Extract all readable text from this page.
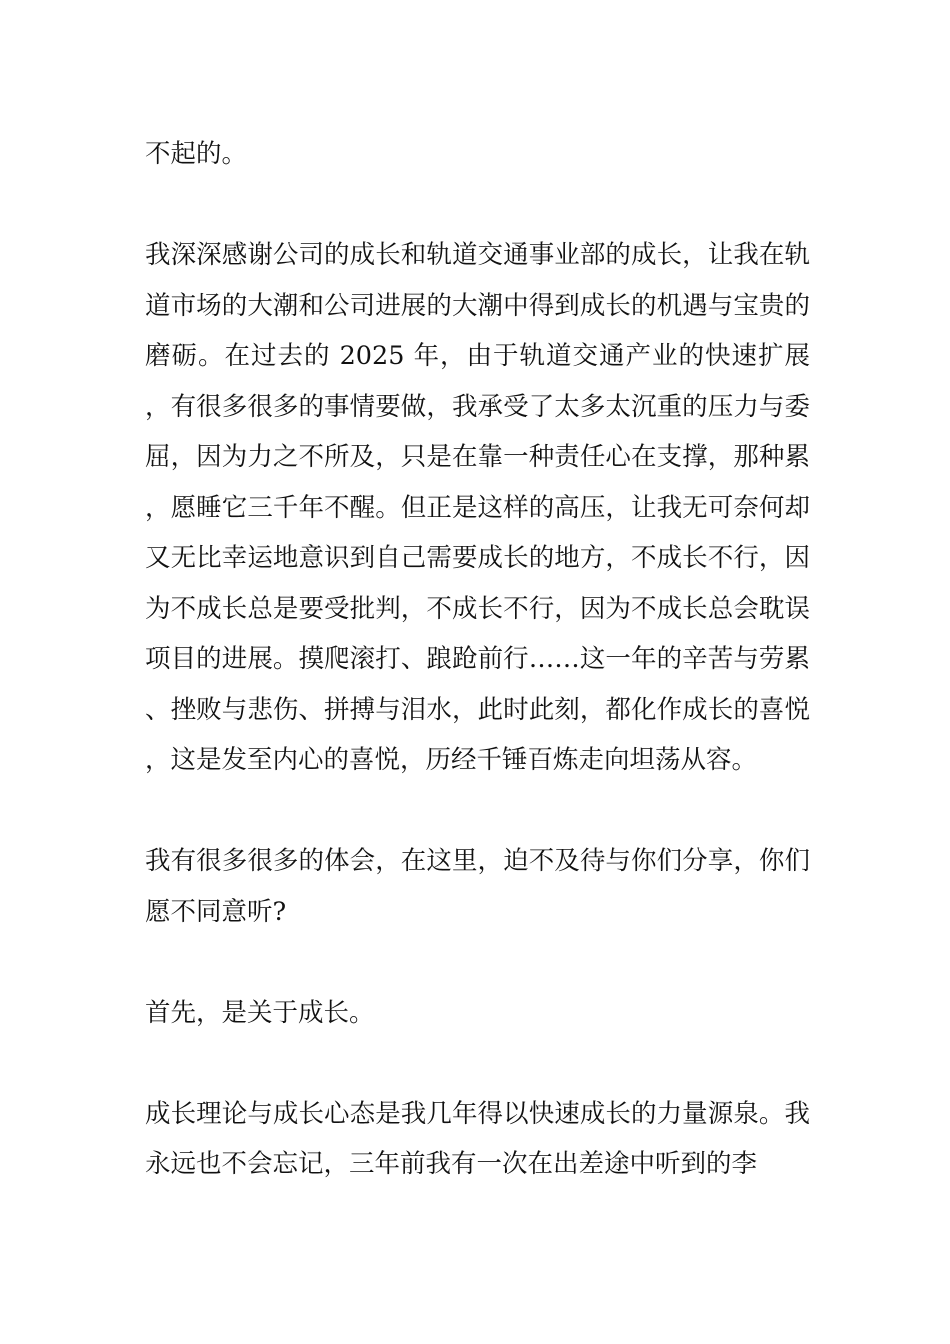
不起的。

我深深感谢公司的成长和轨道交通事业部的成长，让我在轨道市场的大潮和公司进展的大潮中得到成长的机遇与宝贵的磨砺。在过去的 2025 年，由于轨道交通产业的快速扩展，有很多很多的事情要做，我承受了太多太沉重的压力与委屈，因为力之不所及，只是在靠一种责任心在支撑，那种累，愿睡它三千年不醒。但正是这样的高压，让我无可奈何却又无比幸运地意识到自己需要成长的地方，不成长不行，因为不成长总是要受批判，不成长不行，因为不成长总会耽误项目的进展。摸爬滚打、踉跄前行……这一年的辛苦与劳累、挫败与悲伤、拼搏与泪水，此时此刻，都化作成长的喜悦，这是发至内心的喜悦，历经千锤百炼走向坦荡从容。

我有很多很多的体会，在这里，迫不及待与你们分享，你们愿不同意听?

首先，是关于成长。

成长理论与成长心态是我几年得以快速成长的力量源泉。我永远也不会忘记，三年前我有一次在出差途中听到的李
